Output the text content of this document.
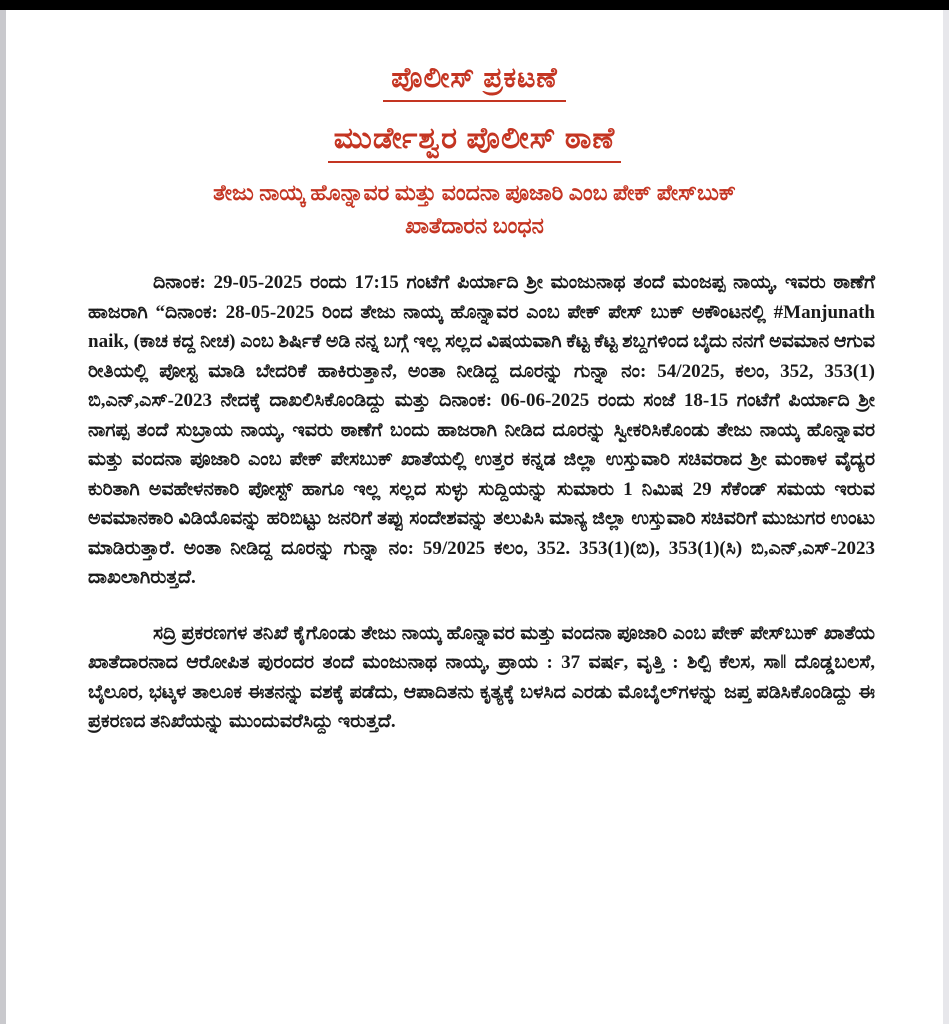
ಪೊಲೀಸ್ ಪ್ರಕಟಣೆ
ಮುರ್ಡೇಶ್ವರ ಪೊಲೀಸ್ ಠಾಣೆ
ತೇಜು ನಾಯ್ಕ ಹೊನ್ನಾವರ ಮತ್ತು ವಂದನಾ ಪೂಜಾರಿ ಎಂಬ ಪೇಕ್ ಪೇಸ್‌ಬುಕ್
ಖಾತೆದಾರನ ಬಂಧನ

ದಿನಾಂಕ: 29-05-2025 ರಂದು 17:15 ಗಂಟೆಗೆ ಪಿರ್ಯಾದಿ ಶ್ರೀ ಮಂಜುನಾಥ ತಂದೆ ಮಂಜಪ್ಪ ನಾಯ್ಕ, ಇವರು ಠಾಣೆಗೆ ಹಾಜರಾಗಿ “ದಿನಾಂಕ: 28-05-2025 ರಿಂದ ತೇಜು ನಾಯ್ಕ ಹೊನ್ನಾವರ ಎಂಬ ಪೇಕ್ ಪೇಸ್ ಬುಕ್ ಅಕೌಂಟನಲ್ಲಿ #Manjunath naik, (ಕಾಚ ಕದ್ದ ನೀಚ) ಎಂಬ ಶಿರ್ಷಿಕೆ ಅಡಿ ನನ್ನ ಬಗ್ಗೆ ಇಲ್ಲ ಸಲ್ಲದ ವಿಷಯವಾಗಿ ಕೆಟ್ಟ ಕೆಟ್ಟ ಶಬ್ದಗಳಿಂದ ಬೈದು ನನಗೆ ಅವಮಾನ ಆಗುವ ರೀತಿಯಲ್ಲಿ ಪೋಸ್ಟ ಮಾಡಿ ಬೇದರಿಕೆ ಹಾಕಿರುತ್ತಾನೆ, ಅಂತಾ ನೀಡಿದ್ದ ದೂರನ್ನು ಗುನ್ನಾ ನಂ: 54/2025, ಕಲಂ, 352, 353(1) ಬಿ,ಎನ್,ಎಸ್-2023 ನೇದಕ್ಕೆ ದಾಖಲಿಸಿಕೊಂಡಿದ್ದು ಮತ್ತು ದಿನಾಂಕ: 06-06-2025 ರಂದು ಸಂಜೆ 18-15 ಗಂಟೆಗೆ ಪಿರ್ಯಾದಿ ಶ್ರೀ ನಾಗಪ್ಪ ತಂದೆ ಸುಬ್ರಾಯ ನಾಯ್ಕ, ಇವರು ಠಾಣೆಗೆ ಬಂದು ಹಾಜರಾಗಿ ನೀಡಿದ ದೂರನ್ನು ಸ್ವೀಕರಿಸಿಕೊಂಡು ತೇಜು ನಾಯ್ಕ ಹೊನ್ನಾವರ ಮತ್ತು ವಂದನಾ ಪೂಜಾರಿ ಎಂಬ ಪೇಕ್ ಪೇಸಬುಕ್ ಖಾತೆಯಲ್ಲಿ ಉತ್ತರ ಕನ್ನಡ ಜಿಲ್ಲಾ ಉಸ್ತುವಾರಿ ಸಚಿವರಾದ ಶ್ರೀ ಮಂಕಾಳ ವೈದ್ಯರ ಕುರಿತಾಗಿ ಅವಹೇಳನಕಾರಿ ಪೋಸ್ಟ್ ಹಾಗೂ ಇಲ್ಲ ಸಲ್ಲದ ಸುಳ್ಳು ಸುದ್ದಿಯನ್ನು ಸುಮಾರು 1 ನಿಮಿಷ 29 ಸೆಕೆಂಡ್ ಸಮಯ ಇರುವ ಅವಮಾನಕಾರಿ ವಿಡಿಯೊವನ್ನು ಹರಿಬಿಟ್ಟು ಜನರಿಗೆ ತಪ್ಪು ಸಂದೇಶವನ್ನು ತಲುಪಿಸಿ ಮಾನ್ಯ ಜಿಲ್ಲಾ ಉಸ್ತುವಾರಿ ಸಚಿವರಿಗೆ ಮುಜುಗರ ಉಂಟು ಮಾಡಿರುತ್ತಾರೆ. ಅಂತಾ ನೀಡಿದ್ದ ದೂರನ್ನು ಗುನ್ನಾ ನಂ: 59/2025 ಕಲಂ, 352. 353(1)(ಬಿ), 353(1)(ಸಿ) ಬಿ,ಎನ್,ಎಸ್-2023 ದಾಖಲಾಗಿರುತ್ತದೆ.

ಸದ್ರಿ ಪ್ರಕರಣಗಳ ತನಿಖೆ ಕೈಗೊಂಡು ತೇಜು ನಾಯ್ಕ ಹೊನ್ನಾವರ ಮತ್ತು ವಂದನಾ ಪೂಜಾರಿ ಎಂಬ ಪೇಕ್ ಪೇಸ್‌ಬುಕ್ ಖಾತೆಯ ಖಾತೆದಾರನಾದ ಆರೋಪಿತ ಪುರಂದರ ತಂದೆ ಮಂಜುನಾಥ ನಾಯ್ಕ, ಪ್ರಾಯ : 37 ವರ್ಷ, ವೃತ್ತಿ : ಶಿಲ್ಪಿ ಕೆಲಸ, ಸಾ‖ ದೊಡ್ಡಬಲಸೆ, ಬೈಲೂರ, ಭಟ್ಕಳ ತಾಲೂಕ ಈತನನ್ನು ವಶಕ್ಕೆ ಪಡೆದು, ಆಪಾದಿತನು ಕೃತ್ಯಕ್ಕೆ ಬಳಸಿದ ಎರಡು ಮೊಬೈಲ್‌ಗಳನ್ನು ಜಪ್ತ ಪಡಿಸಿಕೊಂಡಿದ್ದು ಈ ಪ್ರಕರಣದ ತನಿಖೆಯನ್ನು ಮುಂದುವರೆಸಿದ್ದು ಇರುತ್ತದೆ.
